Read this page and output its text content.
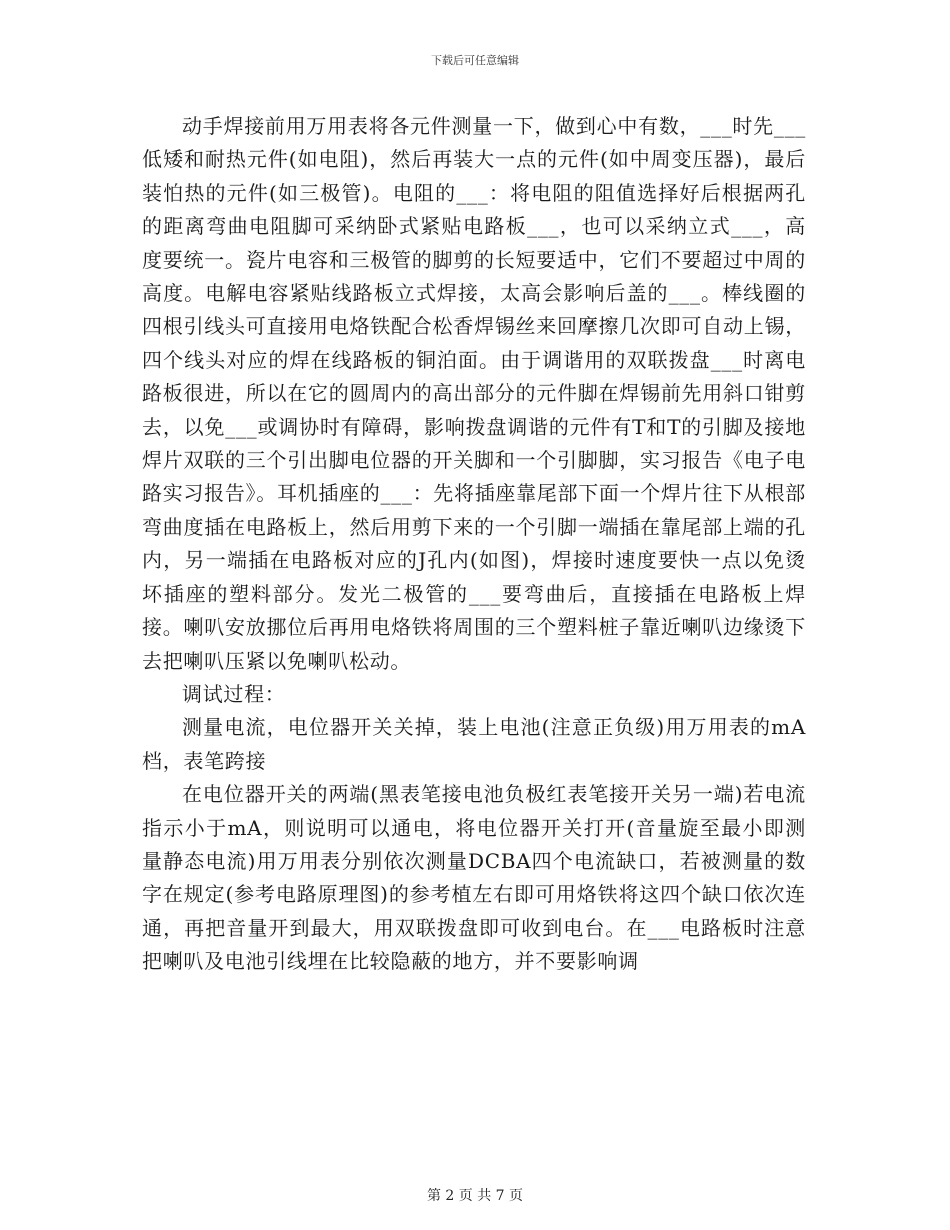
下载后可任意编辑

动手焊接前用万用表将各元件测量一下，做到心中有数，___时先___低矮和耐热元件(如电阻)，然后再装大一点的元件(如中周变压器)，最后装怕热的元件(如三极管)。电阻的___：将电阻的阻值选择好后根据两孔的距离弯曲电阻脚可采纳卧式紧贴电路板___，也可以采纳立式___，高度要统一。瓷片电容和三极管的脚剪的长短要适中，它们不要超过中周的高度。电解电容紧贴线路板立式焊接，太高会影响后盖的___。棒线圈的四根引线头可直接用电烙铁配合松香焊锡丝来回摩擦几次即可自动上锡，四个线头对应的焊在线路板的铜泊面。由于调谐用的双联拨盘___时离电路板很进，所以在它的圆周内的高出部分的元件脚在焊锡前先用斜口钳剪去，以免___或调协时有障碍，影响拨盘调谐的元件有T和T的引脚及接地焊片双联的三个引出脚电位器的开关脚和一个引脚脚，实习报告《电子电路实习报告》。耳机插座的___：先将插座靠尾部下面一个焊片往下从根部弯曲度插在电路板上，然后用剪下来的一个引脚一端插在靠尾部上端的孔内，另一端插在电路板对应的J孔内(如图)，焊接时速度要快一点以免烫坏插座的塑料部分。发光二极管的___要弯曲后，直接插在电路板上焊接。喇叭安放挪位后再用电烙铁将周围的三个塑料桩子靠近喇叭边缘烫下去把喇叭压紧以免喇叭松动。

调试过程：

测量电流，电位器开关关掉，装上电池(注意正负级)用万用表的mA档，表笔跨接

在电位器开关的两端(黑表笔接电池负极红表笔接开关另一端)若电流指示小于mA，则说明可以通电，将电位器开关打开(音量旋至最小即测量静态电流)用万用表分别依次测量DCBA四个电流缺口，若被测量的数字在规定(参考电路原理图)的参考植左右即可用烙铁将这四个缺口依次连通，再把音量开到最大，用双联拨盘即可收到电台。在___电路板时注意把喇叭及电池引线埋在比较隐蔽的地方，并不要影响调

第 2 页 共 7 页
